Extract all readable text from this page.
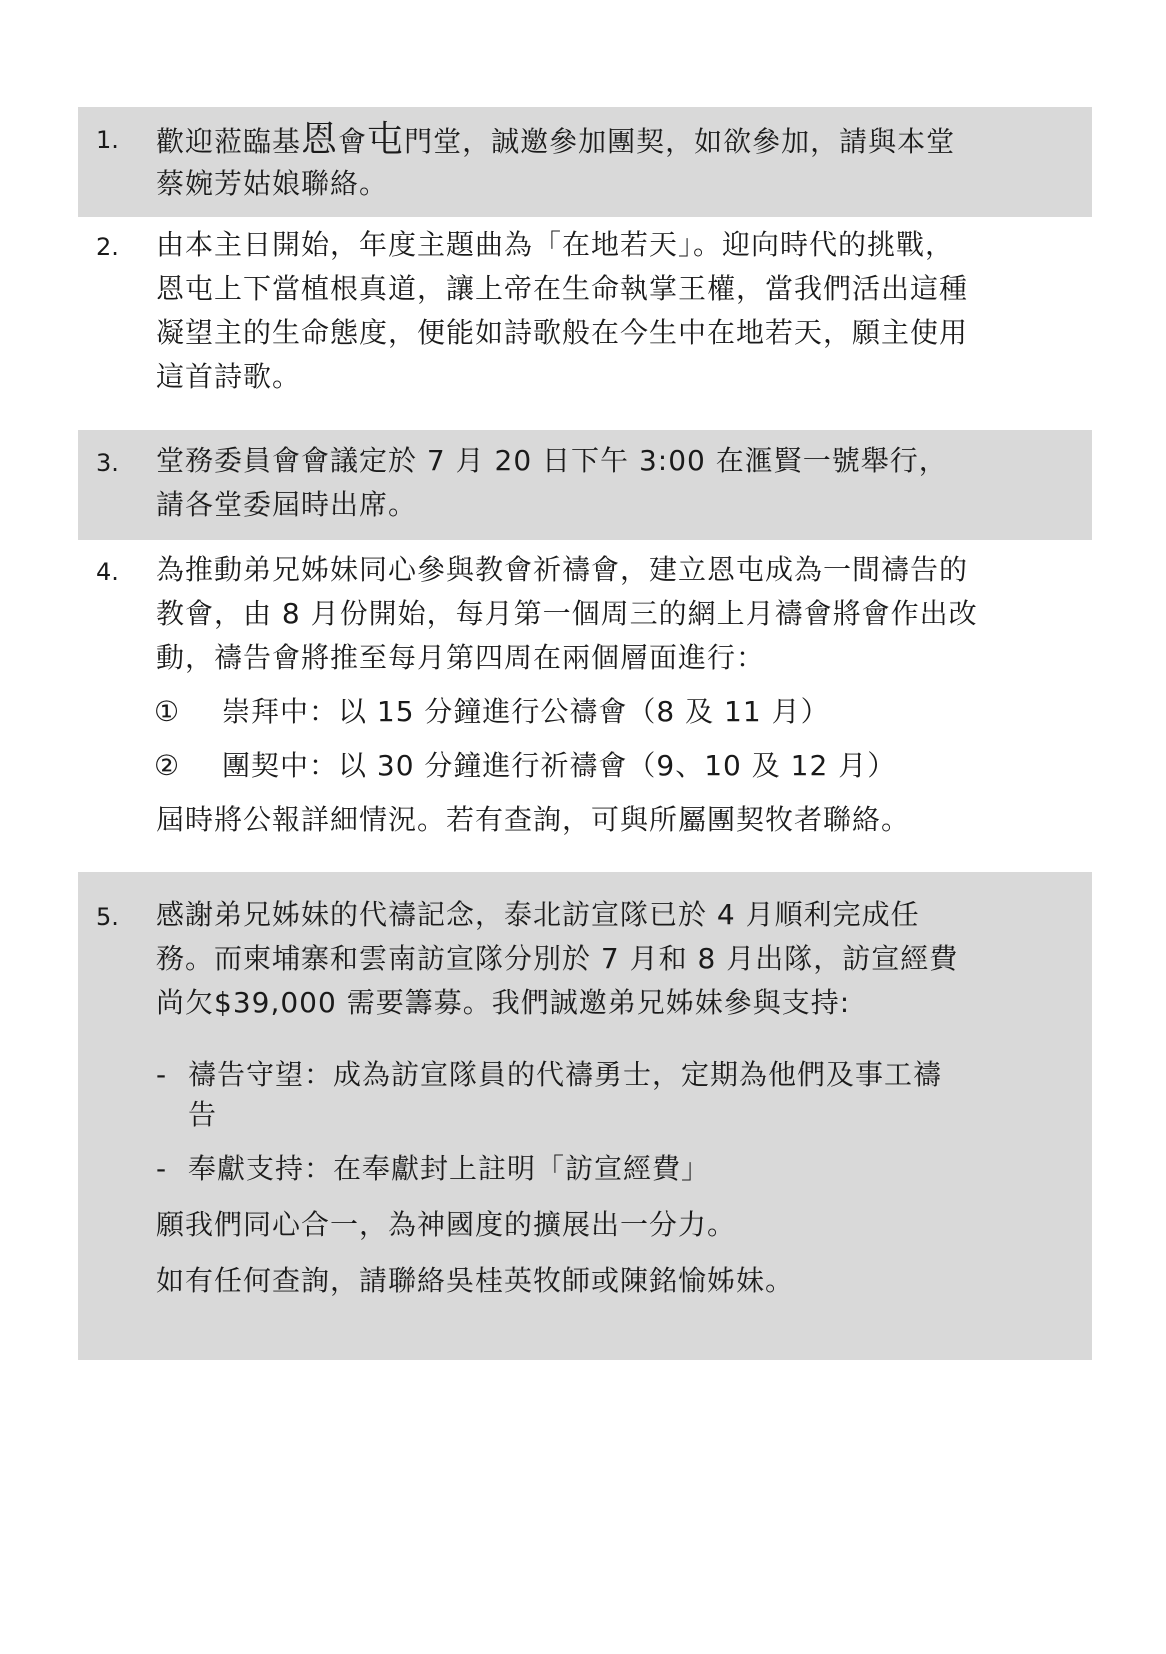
1. 歡迎蒞臨基恩會屯門堂，誠邀參加團契，如欲參加，請與本堂
蔡婉芳姑娘聯絡。
2. 由本主日開始，年度主題曲為「在地若天」。迎向時代的挑戰，
恩屯上下當植根真道，讓上帝在生命執掌王權，當我們活出這種
凝望主的生命態度，便能如詩歌般在今生中在地若天，願主使用
這首詩歌。
3. 堂務委員會會議定於 7 月 20 日下午 3:00 在滙賢一號舉行，
請各堂委屆時出席。
4. 為推動弟兄姊妹同心參與教會祈禱會，建立恩屯成為一間禱告的
教會，由 8 月份開始，每月第一個周三的網上月禱會將會作出改
動，禱告會將推至每月第四周在兩個層面進行：
① 崇拜中：以 15 分鐘進行公禱會（8 及 11 月）
② 團契中：以 30 分鐘進行祈禱會（9、10 及 12 月）
屆時將公報詳細情況。若有查詢，可與所屬團契牧者聯絡。
5. 感謝弟兄姊妹的代禱記念，泰北訪宣隊已於 4 月順利完成任
務。而柬埔寨和雲南訪宣隊分別於 7 月和 8 月出隊，訪宣經費
尚欠$39,000 需要籌募。我們誠邀弟兄姊妹參與支持:
- 禱告守望：成為訪宣隊員的代禱勇士，定期為他們及事工禱
告
- 奉獻支持：在奉獻封上註明「訪宣經費」
願我們同心合一，為神國度的擴展出一分力。
如有任何查詢，請聯絡吳桂英牧師或陳銘愉姊妹。
